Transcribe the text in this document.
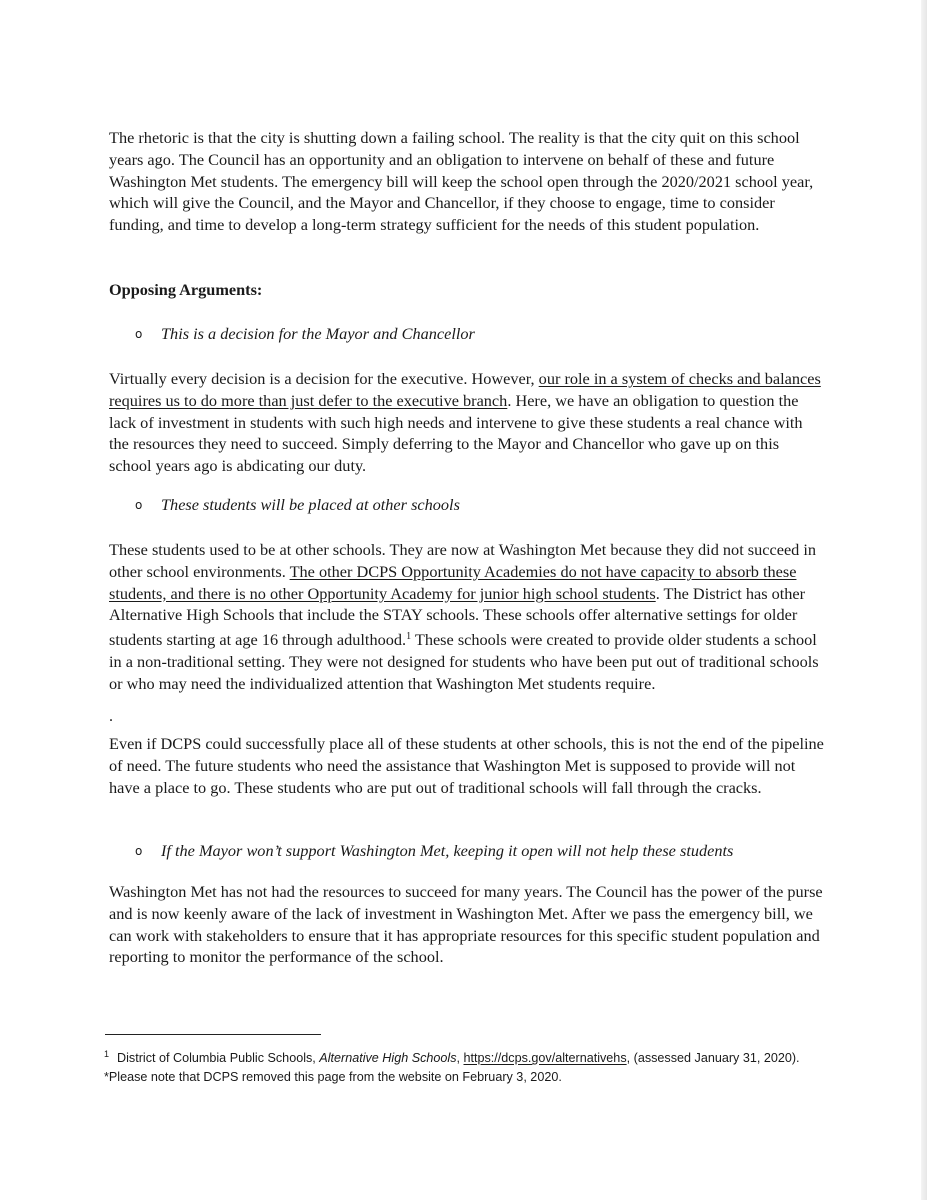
The rhetoric is that the city is shutting down a failing school. The reality is that the city quit on this school years ago. The Council has an opportunity and an obligation to intervene on behalf of these and future Washington Met students. The emergency bill will keep the school open through the 2020/2021 school year, which will give the Council, and the Mayor and Chancellor, if they choose to engage, time to consider funding, and time to develop a long-term strategy sufficient for the needs of this student population.

Opposing Arguments:

o This is a decision for the Mayor and Chancellor

Virtually every decision is a decision for the executive. However, our role in a system of checks and balances requires us to do more than just defer to the executive branch. Here, we have an obligation to question the lack of investment in students with such high needs and intervene to give these students a real chance with the resources they need to succeed. Simply deferring to the Mayor and Chancellor who gave up on this school years ago is abdicating our duty.

o These students will be placed at other schools

These students used to be at other schools. They are now at Washington Met because they did not succeed in other school environments. The other DCPS Opportunity Academies do not have capacity to absorb these students, and there is no other Opportunity Academy for junior high school students. The District has other Alternative High Schools that include the STAY schools. These schools offer alternative settings for older students starting at age 16 through adulthood.$^1$ These schools were created to provide older students a school in a non-traditional setting. They were not designed for students who have been put out of traditional schools or who may need the individualized attention that Washington Met students require.

.

Even if DCPS could successfully place all of these students at other schools, this is not the end of the pipeline of need. The future students who need the assistance that Washington Met is supposed to provide will not have a place to go. These students who are put out of traditional schools will fall through the cracks.

o If the Mayor won’t support Washington Met, keeping it open will not help these students

Washington Met has not had the resources to succeed for many years. The Council has the power of the purse and is now keenly aware of the lack of investment in Washington Met. After we pass the emergency bill, we can work with stakeholders to ensure that it has appropriate resources for this specific student population and reporting to monitor the performance of the school.

$^1$ District of Columbia Public Schools, Alternative High Schools, https://dcps.gov/alternativehs, (assessed January 31, 2020). *Please note that DCPS removed this page from the website on February 3, 2020.
